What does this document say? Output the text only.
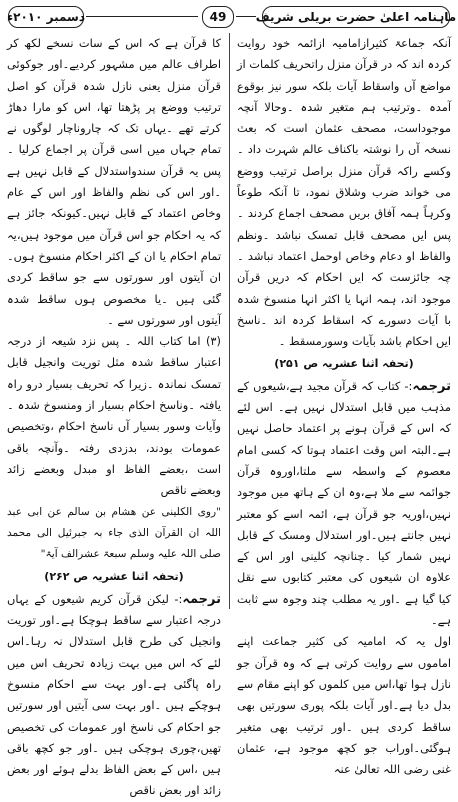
ماہنامہ اعلیٰ حضرت بریلی شریف
49
دسمبر ۲۰۱۰ء

آنکہ جماعۃ کثیرازامامیہ ازائمہ خود روایت کردہ اند کہ در قرآن منزل راتحریف کلمات از مواضع آں واسقاط آیات بلکہ سور نیز بوقوع آمدہ ۔وترتیب ہم متغیر شدہ ۔وحالا آنچہ موجوداست، مصحف عثمان است کہ بعث نسخہ آں را نوشتہ باکناف عالم شہرت داد ۔وکسے راکہ قرآن منزل براصل ترتیب ووضع می خواند ضرب وشلاق نمود، تا آنکہ طوعاً وکرہاً ہمہ آفاق بریں مصحف اجماع کردند ۔پس ایں مصحف قابل تمسک نباشد ۔ونظم والفاظ او دعام وخاص اوحمل اعتماد نباشد ۔چہ جائزست کہ ایں احکام کہ دریں قرآن موجود اند، ہمہ انہا یا اکثر انہا منسوخ شدہ با آیات دسورے کہ اسقاط کردہ اند ۔ناسخ ایں احکام باشد بآیات وسورمسقط ۔

(تحفہ اثنا عشریہ ص ۲۵۱)

ترجمہ:- کتاب کہ قرآن مجید ہے،شیعوں کے مذہب میں قابل استدلال نہیں ہے۔ اس لئے کہ اس کے قرآن ہونے پر اعتماد حاصل نہیں ہے۔البتہ اس وقت اعتماد ہوتا کہ کسی امام معصوم کے واسطہ سے ملتا،اوروہ قرآن جوائمہ سے ملا ہے،وہ ان کے ہاتھ میں موجود نہیں،اوریہ جو قرآن ہے، ائمہ اسے کو معتبر نہیں جانتے ہیں۔اور استدلال ومسک کے قابل نہیں شمار کیا ۔چنانچہ کلینی اور اس کے علاوہ ان شیعوں کی معتبر کتابوں سے نقل کیا گیا ہے ۔اور یہ مطلب چند وجوہ سے ثابت ہے۔

اول یہ کہ امامیہ کی کثیر جماعت اپنے اماموں سے روایت کرتی ہے کہ وہ قرآن جو نازل ہوا تھا،اس میں کلموں کو اپنے مقام سے بدل دیا ہے۔اور آیات بلکہ پوری سورتیں بھی ساقط کردی ہیں ۔اور ترتیب بھی متغیر ہوگئی۔اوراب جو کچھ موجود ہے، عثمان غنی رضی اللہ تعالیٰ عنہ

کا قرآن ہے کہ اس کے سات نسخے لکھ کر اطراف عالم میں مشہور کردیے۔اور جوکوئی قرآن منزل یعنی نازل شدہ قرآن کو اصل ترتیب ووضع پر پڑھتا تھا، اس کو مارا دھاڑ کرتے تھے ۔یہاں تک کہ چاروناچار لوگوں نے تمام جہاں میں اسی قرآن پر اجماع کرلیا ۔پس یہ قرآن سندواستدلال کے قابل نہیں ہے ۔اور اس کی نظم والفاظ اور اس کے عام وخاص اعتماد کے قابل نہیں۔کیونکہ جائز ہے کہ یہ احکام جو اس قرآن میں موجود ہیں،یہ تمام احکام یا ان کے اکثر احکام منسوخ ہوں۔ان آیتوں اور سورتوں سے جو ساقط کردی گئی ہیں ۔یا مخصوص ہوں ساقط شدہ آیتوں اور سورتوں سے ۔

(۳) اما کتاب اللہ ۔ پس نزد شیعہ از درجہ اعتبار ساقط شدہ مثل توریت وانجیل قابل تمسک نماندہ ۔زیرا کہ تحریف بسیار درو راہ یافتہ ۔وناسخ احکام بسیار از ومنسوخ شدہ ۔ وآیات وسور بسیار آں ناسخ احکام ،وتخصیص عمومات بودند، بدزدی رفتہ ۔وآنچہ باقی است ،بعضے الفاظ او مبدل وبعضے زائد وبعضے ناقص

"روی الکلینی عن ھشام بن سالم عن ابی عبد اللہ ان القرآن الذی جاء بہ جبرئیل الی محمد صلی اللہ علیہ وسلم سبعۃ عشرالف آیۃ"

(تحفہ اثنا عشریہ ص ۲۶۲)

ترجمہ:- لیکن قرآن کریم شیعوں کے یہاں درجہ اعتبار سے ساقط ہوچکا ہے۔اور توریت وانجیل کی طرح قابل استدلال نہ رہا۔اس لئے کہ اس میں بہت زیادہ تحریف اس میں راہ پاگئی ہے۔اور بہت سے احکام منسوخ ہوچکے ہیں ۔اور بہت سی آیتیں اور سورتیں جو احکام کی ناسخ اور عمومات کی تخصیص تھیں،چوری ہوچکی ہیں ۔اور جو کچھ باقی ہیں ،اس کے بعض الفاظ بدلے ہوئے اور بعض زائد اور بعض ناقص
